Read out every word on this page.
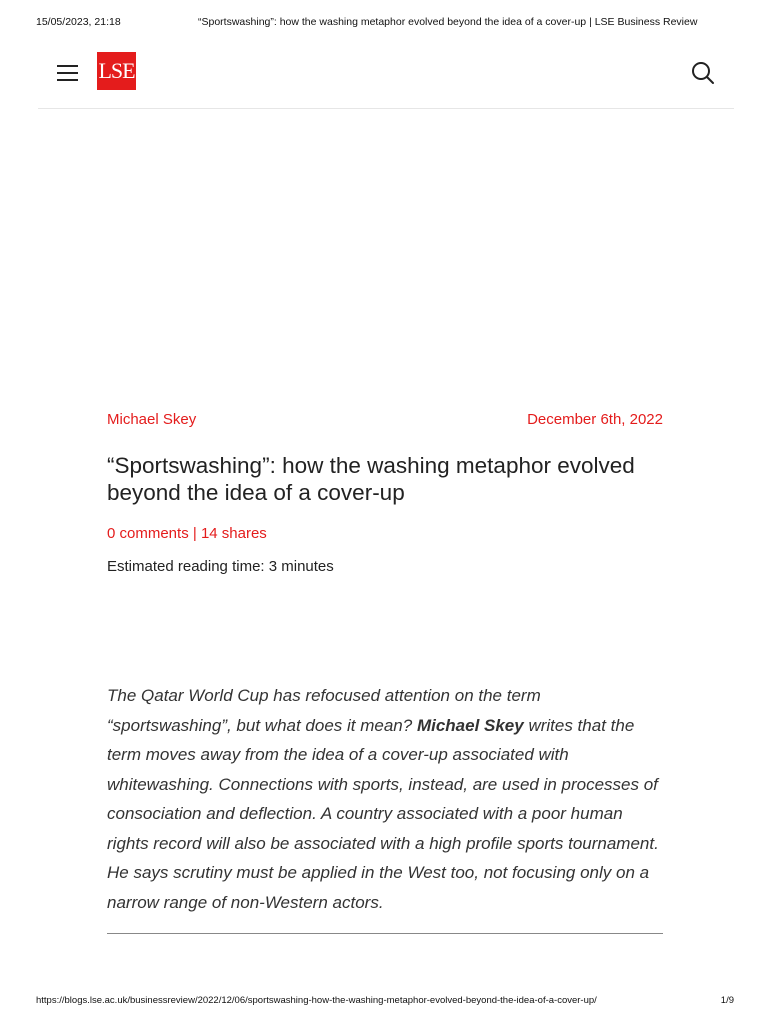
15/05/2023, 21:18	“Sportswashing”: how the washing metaphor evolved beyond the idea of a cover-up | LSE Business Review
LSE
Michael Skey	December 6th, 2022
“Sportswashing”: how the washing metaphor evolved beyond the idea of a cover-up
0 comments | 14 shares
Estimated reading time: 3 minutes

The Qatar World Cup has refocused attention on the term “sportswashing”, but what does it mean? Michael Skey writes that the term moves away from the idea of a cover-up associated with whitewashing. Connections with sports, instead, are used in processes of consociation and deflection. A country associated with a poor human rights record will also be associated with a high profile sports tournament. He says scrutiny must be applied in the West too, not focusing only on a narrow range of non-Western actors.

https://blogs.lse.ac.uk/businessreview/2022/12/06/sportswashing-how-the-washing-metaphor-evolved-beyond-the-idea-of-a-cover-up/	1/9
